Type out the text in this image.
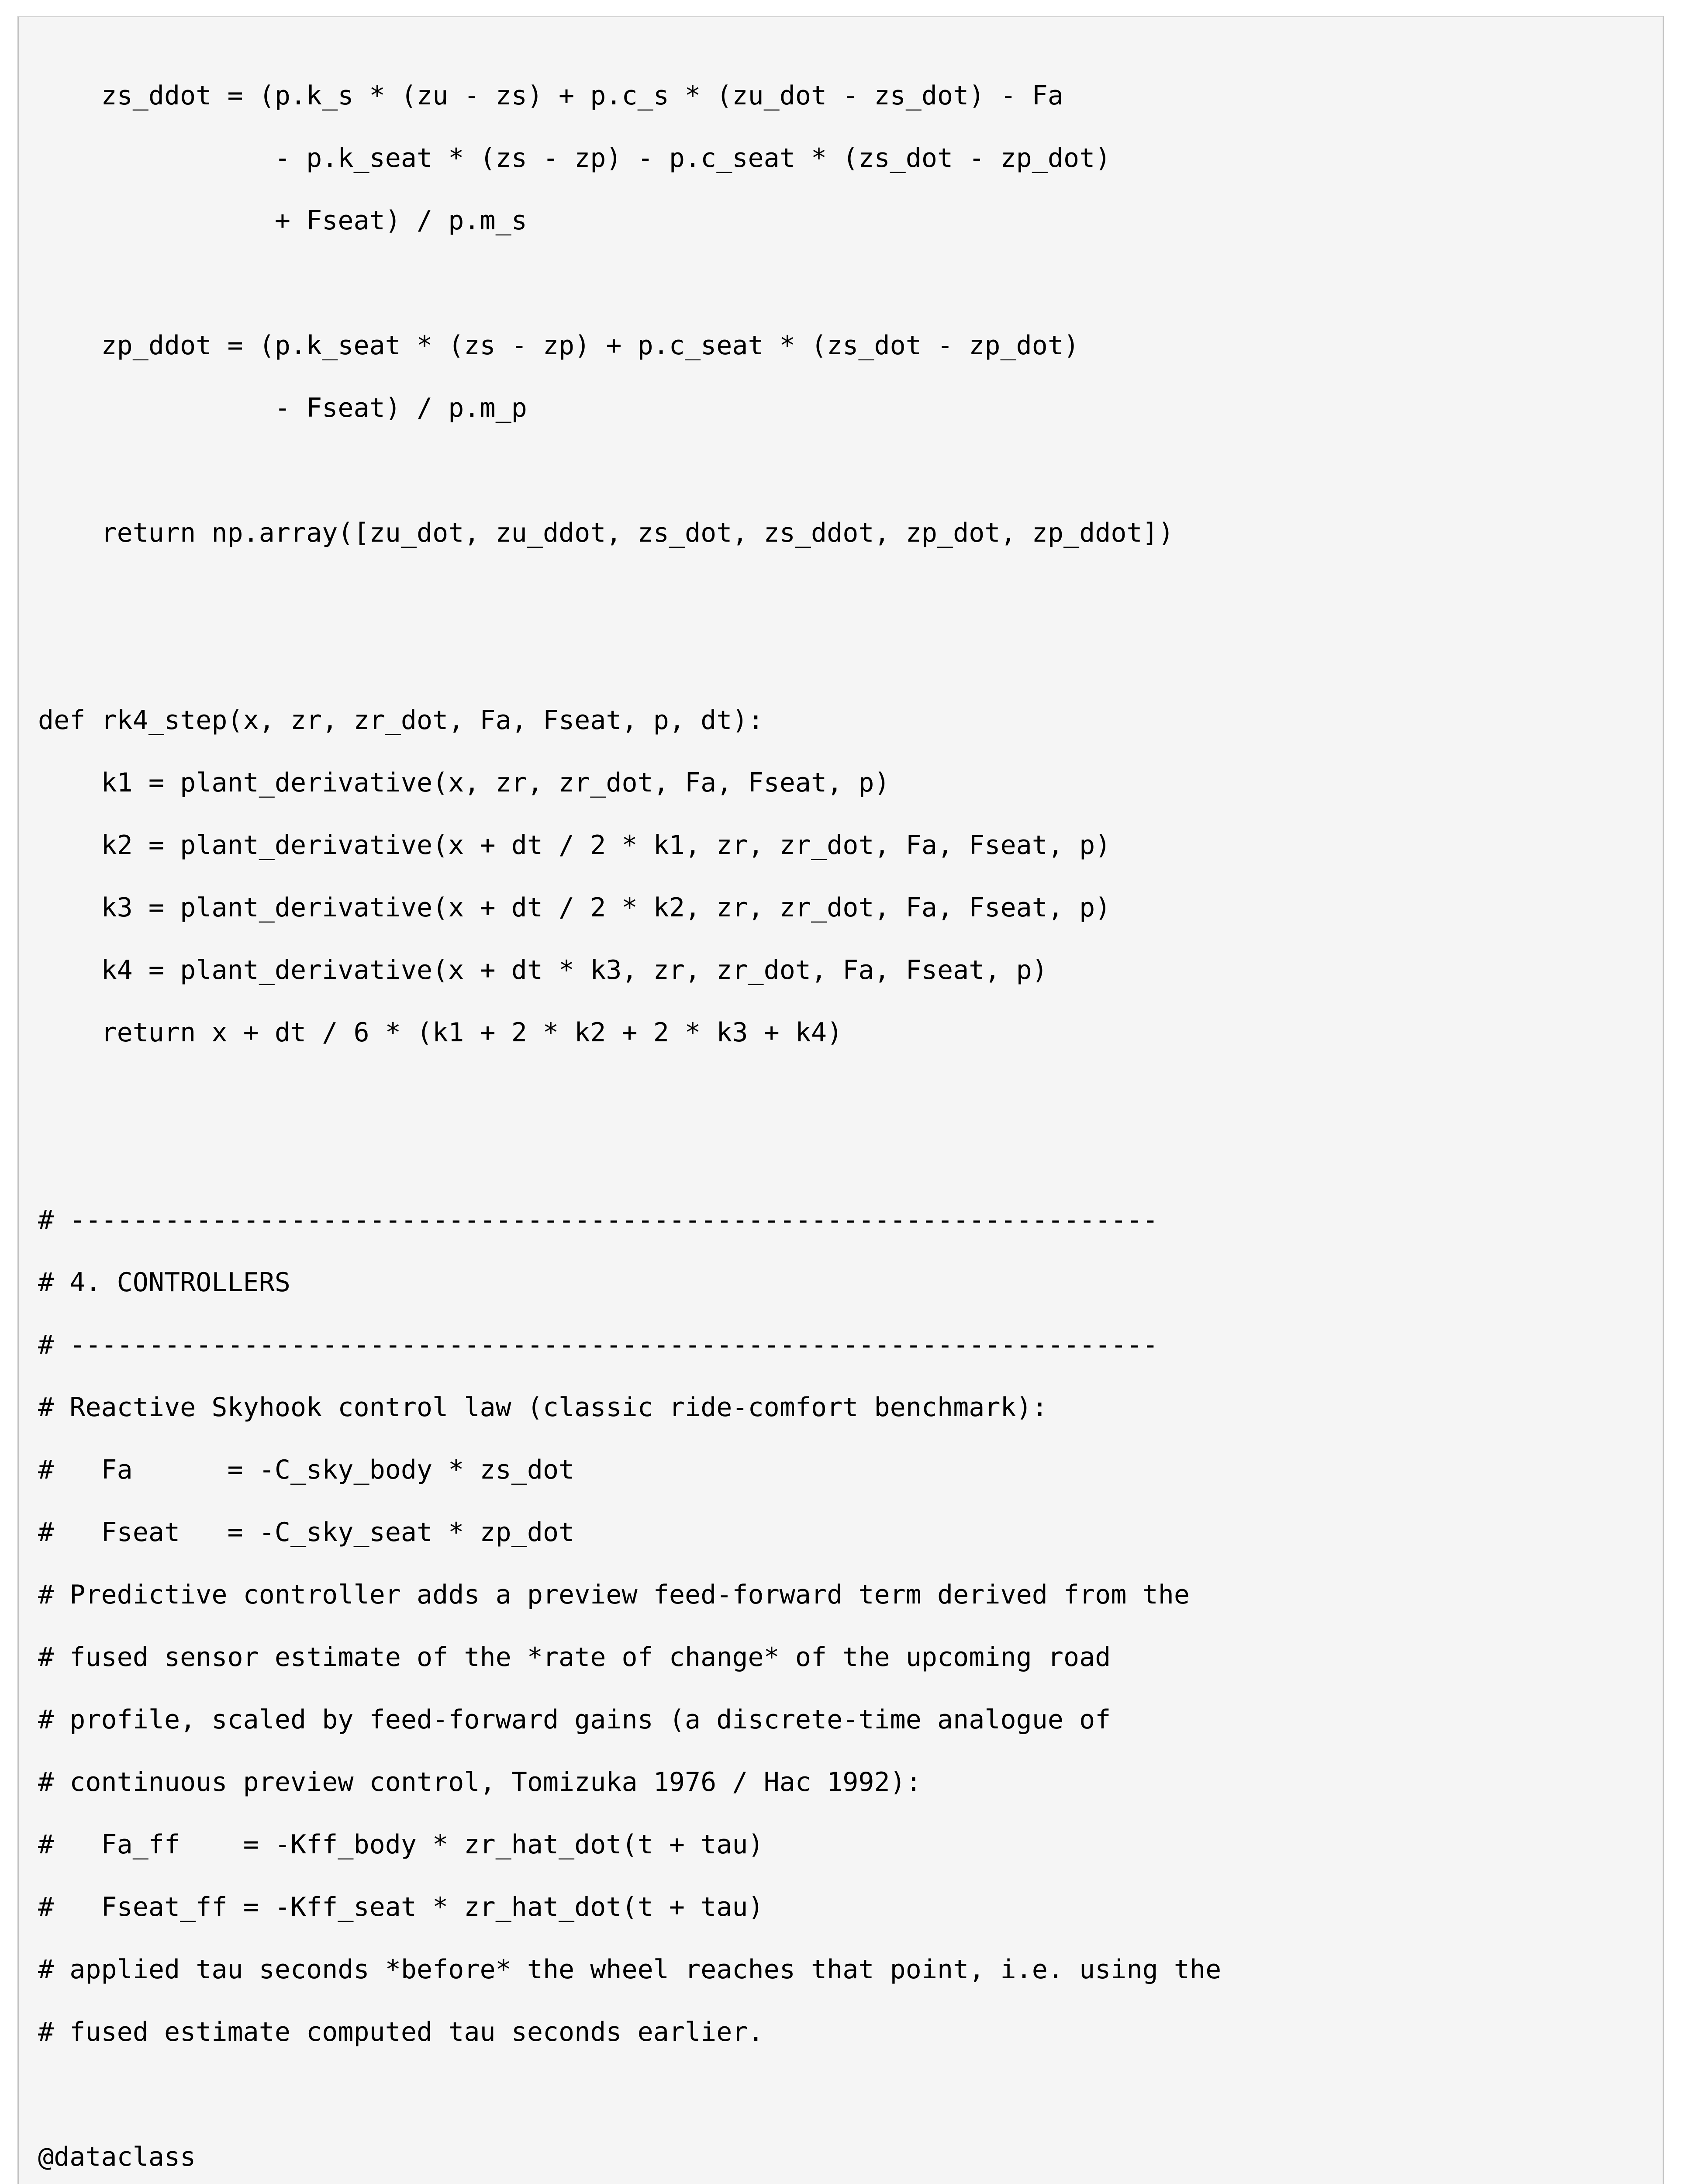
zs_ddot = (p.k_s * (zu - zs) + p.c_s * (zu_dot - zs_dot) - Fa
- p.k_seat * (zs - zp) - p.c_seat * (zs_dot - zp_dot)
+ Fseat) / p.m_s
zp_ddot = (p.k_seat * (zs - zp) + p.c_seat * (zs_dot - zp_dot)
- Fseat) / p.m_p
return np.array([zu_dot, zu_ddot, zs_dot, zs_ddot, zp_dot, zp_ddot])
def rk4_step(x, zr, zr_dot, Fa, Fseat, p, dt):
k1 = plant_derivative(x, zr, zr_dot, Fa, Fseat, p)
k2 = plant_derivative(x + dt / 2 * k1, zr, zr_dot, Fa, Fseat, p)
k3 = plant_derivative(x + dt / 2 * k2, zr, zr_dot, Fa, Fseat, p)
k4 = plant_derivative(x + dt * k3, zr, zr_dot, Fa, Fseat, p)
return x + dt / 6 * (k1 + 2 * k2 + 2 * k3 + k4)
# ---------------------------------------------------------------------
# 4. CONTROLLERS
# ---------------------------------------------------------------------
# Reactive Skyhook control law (classic ride-comfort benchmark):
#   Fa      = -C_sky_body * zs_dot
#   Fseat   = -C_sky_seat * zp_dot
# Predictive controller adds a preview feed-forward term derived from the
# fused sensor estimate of the *rate of change* of the upcoming road
# profile, scaled by feed-forward gains (a discrete-time analogue of
# continuous preview control, Tomizuka 1976 / Hac 1992):
#   Fa_ff    = -Kff_body * zr_hat_dot(t + tau)
#   Fseat_ff = -Kff_seat * zr_hat_dot(t + tau)
# applied tau seconds *before* the wheel reaches that point, i.e. using the
# fused estimate computed tau seconds earlier.
@dataclass
